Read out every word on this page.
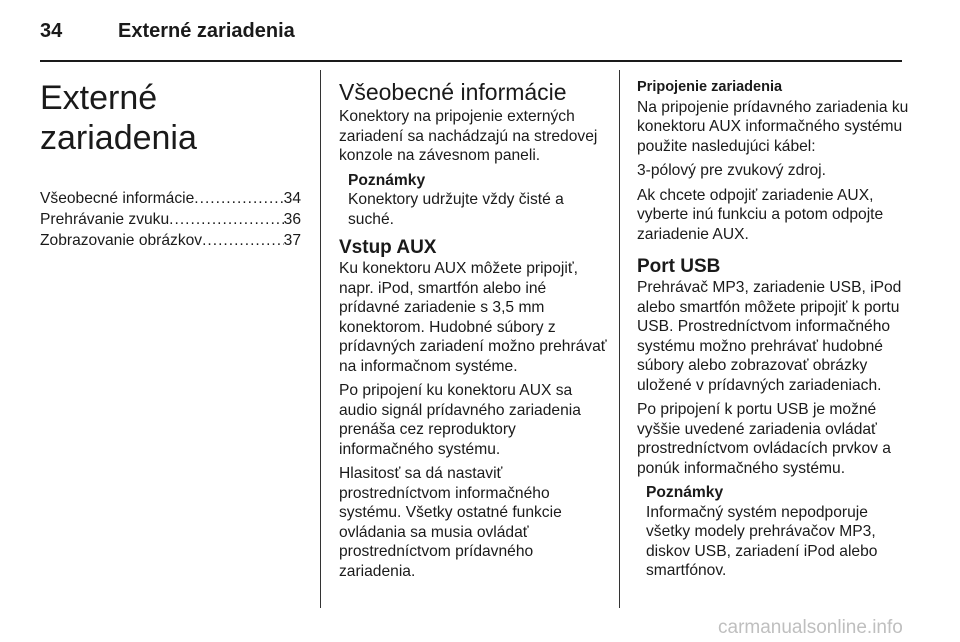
34	Externé zariadenia
Externé zariadenia
Všeobecné informácie .....	34
Prehrávanie zvuku .....	36
Zobrazovanie obrázkov .....	37
Všeobecné informácie

Konektory na pripojenie externých zariadení sa nachádzajú na stredovej konzole na závesnom paneli.

Poznámky
Konektory udržujte vždy čisté a suché.
Vstup AUX

Ku konektoru AUX môžete pripojiť, napr. iPod, smartfón alebo iné prídavné zariadenie s 3,5 mm konektorom. Hudobné súbory z prídavných zariadení možno prehrávať na informačnom systéme.

Po pripojení ku konektoru AUX sa audio signál prídavného zariadenia prenáša cez reproduktory informačného systému.

Hlasitosť sa dá nastaviť prostredníctvom informačného systému. Všetky ostatné funkcie ovládania sa musia ovládať prostredníctvom prídavného zariadenia.

Pripojenie zariadenia

Na pripojenie prídavného zariadenia ku konektoru AUX informačného systému použite nasledujúci kábel:

3-pólový pre zvukový zdroj.

Ak chcete odpojiť zariadenie AUX, vyberte inú funkciu a potom odpojte zariadenie AUX.

Port USB

Prehrávač MP3, zariadenie USB, iPod alebo smartfón môžete pripojiť k portu USB. Prostredníctvom informačného systému možno prehrávať hudobné súbory alebo zobrazovať obrázky uložené v prídavných zariadeniach.

Po pripojení k portu USB je možné vyššie uvedené zariadenia ovládať prostredníctvom ovládacích prvkov a ponúk informačného systému.

Poznámky
Informačný systém nepodporuje všetky modely prehrávačov MP3, diskov USB, zariadení iPod alebo smartfónov.
carmanualsonline.info
